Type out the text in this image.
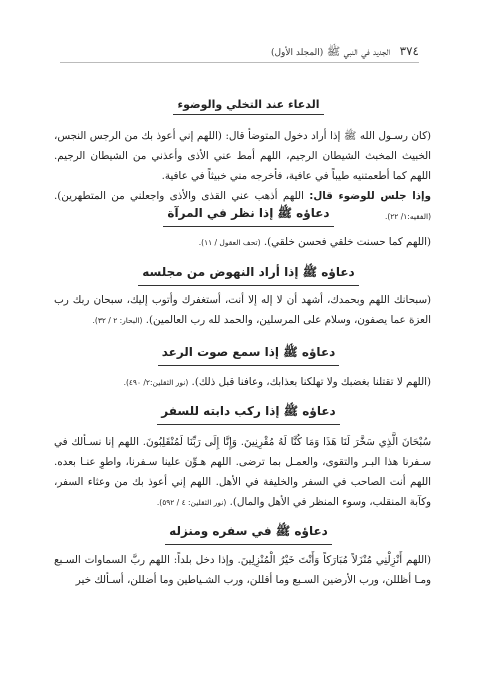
٣٧٤ الجديد في النبي ﷺ (المجلد الأول)
الدعاء عند التخلي والوضوء
(كان رسـول الله ﷺ إذا أراد دخول المتوضأ قال: (اللهم إني أعوذ بك من الرجس النجس، الخبيث المخبث الشيطان الرجيم، اللهم أمط عني الأذى وأعذني من الشيطان الرجيم. اللهم كما أطعمتنيه طيباً في عافية، فأخرجه مني خبيثاً في عافية.
وإذا جلس للوضوء قال: اللهم أذهب عني القذى والأذى واجعلني من المتطهرين). (الفقيه:١/ ٢٢).
دعاؤه ﷺ إذا نظر في المرآة
(اللهم كما حسنت خلقي فحسن خلقي). (تحف العقول / ١١).
دعاؤه ﷺ إذا أراد النهوض من مجلسه
(سبحانك اللهم وبحمدك، أشهد أن لا إله إلا أنت، أستغفرك وأتوب إليك، سبحان ربك رب العزة عما يصفون، وسلام على المرسلين، والحمد لله رب العالمين). (البحار: ٢ / ٣٢).
دعاؤه ﷺ إذا سمع صوت الرعد
(اللهم لا تقتلنا بغضبك ولا تهلكنا بعذابك، وعافنا قبل ذلك). (نور الثقلين:٢/ ٤٩٠).
دعاؤه ﷺ إذا ركب دابته للسفر
سُبْحَانَ الَّذِي سَخَّرَ لَنَا هَذَا وَمَا كُنَّا لَهُ مُقْرِنِينَ. وَإِنَّا إِلَى رَبِّنَا لَمُنْقَلِبُونَ. اللهم إنا نسـألك في سـفرنا هذا البـر والتقوى، والعمـل بما ترضى. اللهم هـوِّن علينا سـفرنا، واطوِ عنـا بعده. اللهم أنت الصاحب في السفر والخليفة في الأهل. اللهم إني أعوذ بك من وعثاء السفر، وكآبة المنقلب، وسوء المنظر في الأهل والمال). (نور الثقلين: ٤ / ٥٩٢).
دعاؤه ﷺ في سفره ومنزله
(اللهم أَنْزِلْنِي مُنْزَلاً مُبَارَكاً وَأَنْتَ خَيْرُ الْمُنْزِلِينَ. وإذا دخل بلداً: اللهم ربَّ السماوات السـبع ومـا أظللن، ورب الأرضين السـبع وما أقللن، ورب الشـياطين وما أضللن، أسـألك خير
